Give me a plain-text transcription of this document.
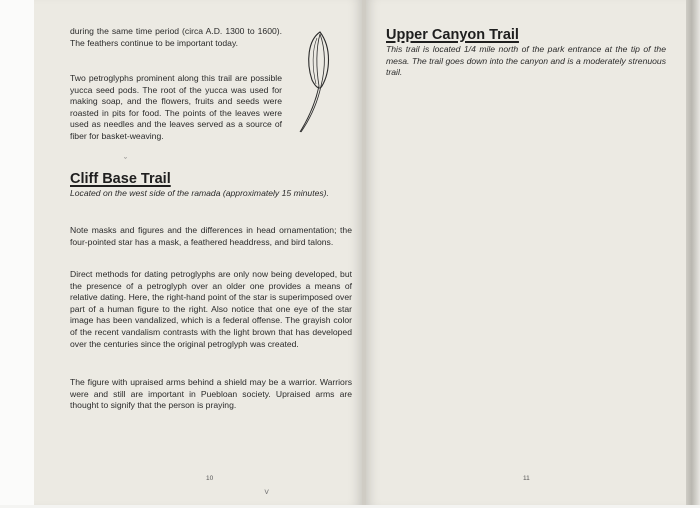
during the same time period (circa A.D. 1300 to 1600). The feathers continue to be important today.

Two petroglyphs prominent along this trail are possible yucca seed pods. The root of the yucca was used for making soap, and the flowers, fruits and seeds were roasted in pits for food. The points of the leaves were used as needles and the leaves served as a source of fiber for basket-weaving.

ˇ
Cliff Base Trail

Located on the west side of the ramada (approximately 15 minutes).

Note masks and figures and the differences in head ornamentation; the four-pointed star has a mask, a feathered headdress, and bird talons.

Direct methods for dating petroglyphs are only now being developed, but the presence of a petroglyph over an older one provides a means of relative dating. Here, the right-hand point of the star is superimposed over part of a human figure to the right. Also notice that one eye of the star image has been vandalized, which is a federal offense. The grayish color of the recent vandalism contrasts with the light brown that has developed over the centuries since the original petroglyph was created.

The figure with upraised arms behind a shield may be a warrior. Warriors were and still are important in Puebloan society. Upraised arms are thought to signify that the person is praying.

10
˅
Upper Canyon Trail

This trail is located 1/4 mile north of the park entrance at the tip of the mesa. The trail goes down into the canyon and is a moderately strenuous trail.

11
